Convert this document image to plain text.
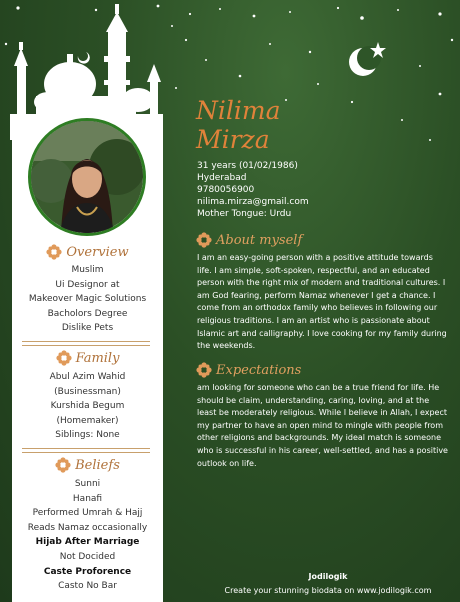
Overview
Muslim
Ui Designor at
Makeover Magic Solutions
Bacholors Degree
Dislike Pets
Family
Abul Azim Wahid
(Businessman)
Kurshida Begum
(Homemaker)
Siblings: None
Beliefs
Sunni
Hanafi
Performed Umrah & Hajj
Reads Namaz occasionally
Hijab After Marriage
Not Docided
Caste Proforence
Casto No Bar
Nilima
Mirza
31 years (01/02/1986)
Hyderabad
9780056900
nilima.mirza@gmail.com
Mother Tongue: Urdu
About myself

I am an easy-going person with a positive attitude towards life. I am simple, soft-spoken, respectful, and an educated person with the right mix of modern and traditional cultures. I am God fearing, perform Namaz whenever I get a chance. I come from an orthodox family who believes in following our religious traditions. I am an artist who is passionate about Islamic art and calligraphy. I love cooking for my family during the weekends.

Expectations

am looking for someone who can be a true friend for life. He should be claim, understanding, caring, loving, and at the least be moderately religious. While I believe in Allah, I expect my partner to have an open mind to mingle with people from other religions and backgrounds. My ideal match is someone who is successful in his career, well-settled, and has a positive outlook on life.

Jodilogik
Create your stunning biodata on www.jodilogik.com
